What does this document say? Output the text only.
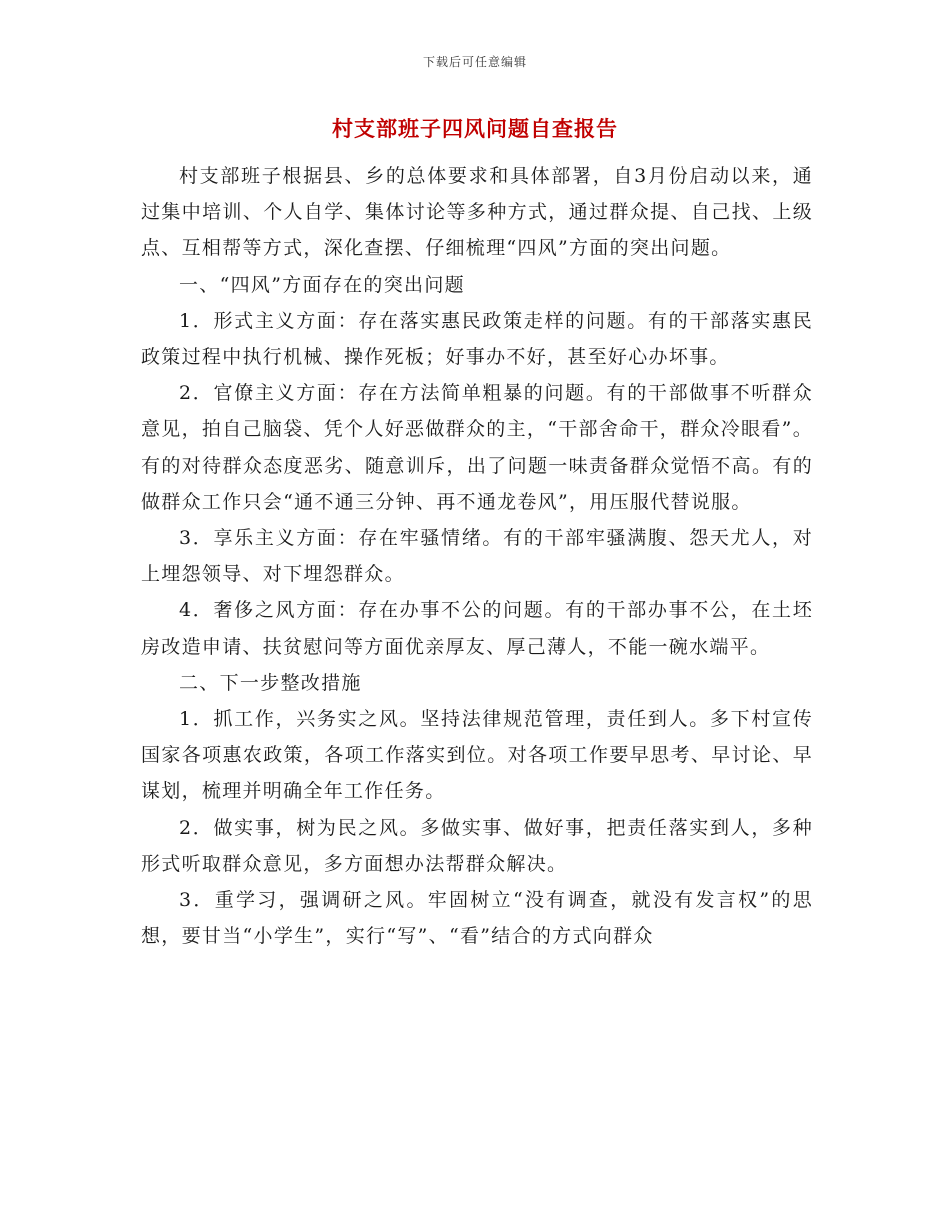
下载后可任意编辑
村支部班子四风问题自查报告

村支部班子根据县、乡的总体要求和具体部署，自3月份启动以来，通过集中培训、个人自学、集体讨论等多种方式，通过群众提、自己找、上级点、互相帮等方式，深化查摆、仔细梳理“四风”方面的突出问题。

一、“四风”方面存在的突出问题

1．形式主义方面：存在落实惠民政策走样的问题。有的干部落实惠民政策过程中执行机械、操作死板；好事办不好，甚至好心办坏事。

2．官僚主义方面：存在方法简单粗暴的问题。有的干部做事不听群众意见，拍自己脑袋、凭个人好恶做群众的主，“干部舍命干，群众冷眼看”。有的对待群众态度恶劣、随意训斥，出了问题一味责备群众觉悟不高。有的做群众工作只会“通不通三分钟、再不通龙卷风”，用压服代替说服。

3．享乐主义方面：存在牢骚情绪。有的干部牢骚满腹、怨天尤人，对上埋怨领导、对下埋怨群众。

4．奢侈之风方面：存在办事不公的问题。有的干部办事不公，在土坯房改造申请、扶贫慰问等方面优亲厚友、厚己薄人，不能一碗水端平。

二、下一步整改措施

1．抓工作，兴务实之风。坚持法律规范管理，责任到人。多下村宣传国家各项惠农政策，各项工作落实到位。对各项工作要早思考、早讨论、早谋划，梳理并明确全年工作任务。

2．做实事，树为民之风。多做实事、做好事，把责任落实到人，多种形式听取群众意见，多方面想办法帮群众解决。

3．重学习，强调研之风。牢固树立“没有调查，就没有发言权”的思想，要甘当“小学生”，实行“写”、“看”结合的方式向群众
